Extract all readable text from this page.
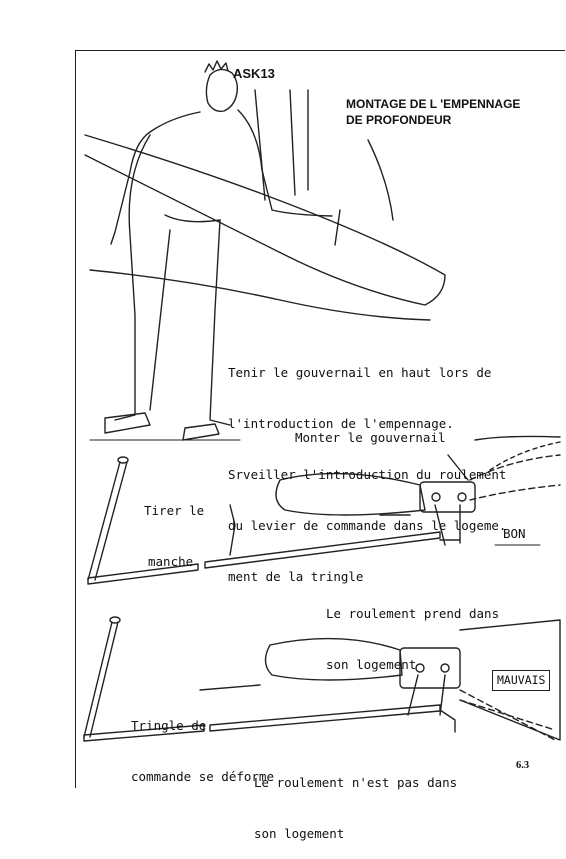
ASK13
MONTAGE DE L 'EMPENNAGE
DE PROFONDEUR

Tenir le gouvernail en haut lors de

l'introduction de l'empennage.

Srveiller l'introduction du roulement

du levier de commande dans le logeme.

ment de la tringle

Monter le gouvernail

Tirer le

manche

BON

Le roulement prend dans

son logement

Tringle de

commande se déforme

MAUVAIS

Le roulement n'est pas dans

son logement

6.3
